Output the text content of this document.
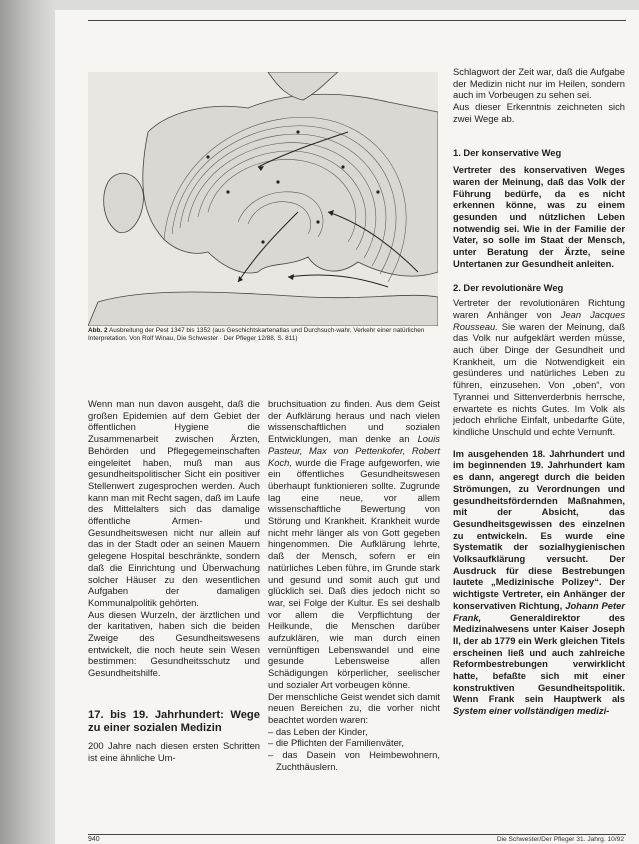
Abb. 2 Ausbreitung der Pest 1347 bis 1352 (aus Geschichtskartenatlas und Durchsuch-wahr, Verkehr einer natürlichen Interpretation. Von Rolf Winau, Die Schwester · Der Pfleger 12/88, S. 811)

Wenn man nun davon ausgeht, daß die großen Epidemien auf dem Gebiet der öffentlichen Hygiene die Zusammenarbeit zwischen Ärzten, Behörden und Pflegegemeinschaften eingeleitet haben, muß man aus gesundheitspolitischer Sicht ein positiver Stellenwert zugesprochen werden. Auch kann man mit Recht sagen, daß im Laufe des Mittelalters sich das damalige öffentliche Armen- und Gesundheitswesen nicht nur allein auf das in der Stadt oder an seinen Mauern gelegene Hospital beschränkte, sondern daß die Einrichtung und Überwachung solcher Häuser zu den wesentlichen Aufgaben der damaligen Kommunalpolitik gehörten.

Aus diesen Wurzeln, der ärztlichen und der karitativen, haben sich die beiden Zweige des Gesundheitswesens entwickelt, die noch heute sein Wesen bestimmen: Gesundheitsschutz und Gesundheitshilfe.

17. bis 19. Jahrhundert: Wege zu einer sozialen Medizin

200 Jahre nach diesen ersten Schritten ist eine ähnliche Um-

bruchsituation zu finden. Aus dem Geist der Aufklärung heraus und nach vielen wissenschaftlichen und sozialen Entwicklungen, man denke an Louis Pasteur, Max von Pettenkofer, Robert Koch, wurde die Frage aufgeworfen, wie ein öffentliches Gesundheitswesen überhaupt funktionieren sollte. Zugrunde lag eine neue, vor allem wissenschaftliche Bewertung von Störung und Krankheit. Krankheit wurde nicht mehr länger als von Gott gegeben hingenommen. Die Aufklärung lehrte, daß der Mensch, sofern er ein natürliches Leben führe, im Grunde stark und gesund und somit auch gut und glücklich sei. Daß dies jedoch nicht so war, sei Folge der Kultur. Es sei deshalb vor allem die Verpflichtung der Heilkunde, die Menschen darüber aufzuklären, wie man durch einen vernünftigen Lebenswandel und eine gesunde Lebensweise allen Schädigungen körperlicher, seelischer und sozialer Art vorbeugen könne.

Der menschliche Geist wendet sich damit neuen Bereichen zu, die vorher nicht beachtet worden waren:

– das Leben der Kinder,
– die Pflichten der Familienväter,
– das Dasein von Heimbewohnern, Zuchthäuslern.

Schlagwort der Zeit war, daß die Aufgabe der Medizin nicht nur im Heilen, sondern auch im Vorbeugen zu sehen sei.

Aus dieser Erkenntnis zeichneten sich zwei Wege ab.

1. Der konservative Weg

Vertreter des konservativen Weges waren der Meinung, daß das Volk der Führung bedürfe, da es nicht erkennen könne, was zu einem gesunden und nützlichen Leben notwendig sei. Wie in der Familie der Vater, so solle im Staat der Mensch, unter Beratung der Ärzte, seine Untertanen zur Gesundheit anleiten.

2. Der revolutionäre Weg

Vertreter der revolutionären Richtung waren Anhänger von Jean Jacques Rousseau. Sie waren der Meinung, daß das Volk nur aufgeklärt werden müsse, auch über Dinge der Gesundheit und Krankheit, um die Notwendigkeit ein gesünderes und natürliches Leben zu führen, einzusehen. Von „oben“, von Tyrannei und Sittenverderbnis herrsche, erwartete es nichts Gutes. Im Volk als jedoch ehrliche Einfalt, unbedarfte Güte, kindliche Unschuld und echte Vernunft.

Im ausgehenden 18. Jahrhundert und im beginnenden 19. Jahrhundert kam es dann, angeregt durch die beiden Strömungen, zu Verordnungen und gesundheitsfördernden Maßnahmen, mit der Absicht, das Gesundheitsgewissen des einzelnen zu entwickeln. Es wurde eine Systematik der sozialhygienischen Volksaufklärung versucht. Der Ausdruck für diese Bestrebungen lautete „Medizinische Polizey“. Der wichtigste Vertreter, ein Anhänger der konservativen Richtung, Johann Peter Frank,	Generaldirektor des Medizinalwesens unter Kaiser Joseph II, der ab 1779 ein Werk gleichen Titels erscheinen ließ und auch zahlreiche Reformbestrebungen verwirklicht hatte, befaßte sich mit einer konstruktiven Gesundheitspolitik. Wenn Frank sein Hauptwerk als System einer vollständigen medizi-

940	Die Schwester/Der Pfleger 31. Jahrg. 10/92
